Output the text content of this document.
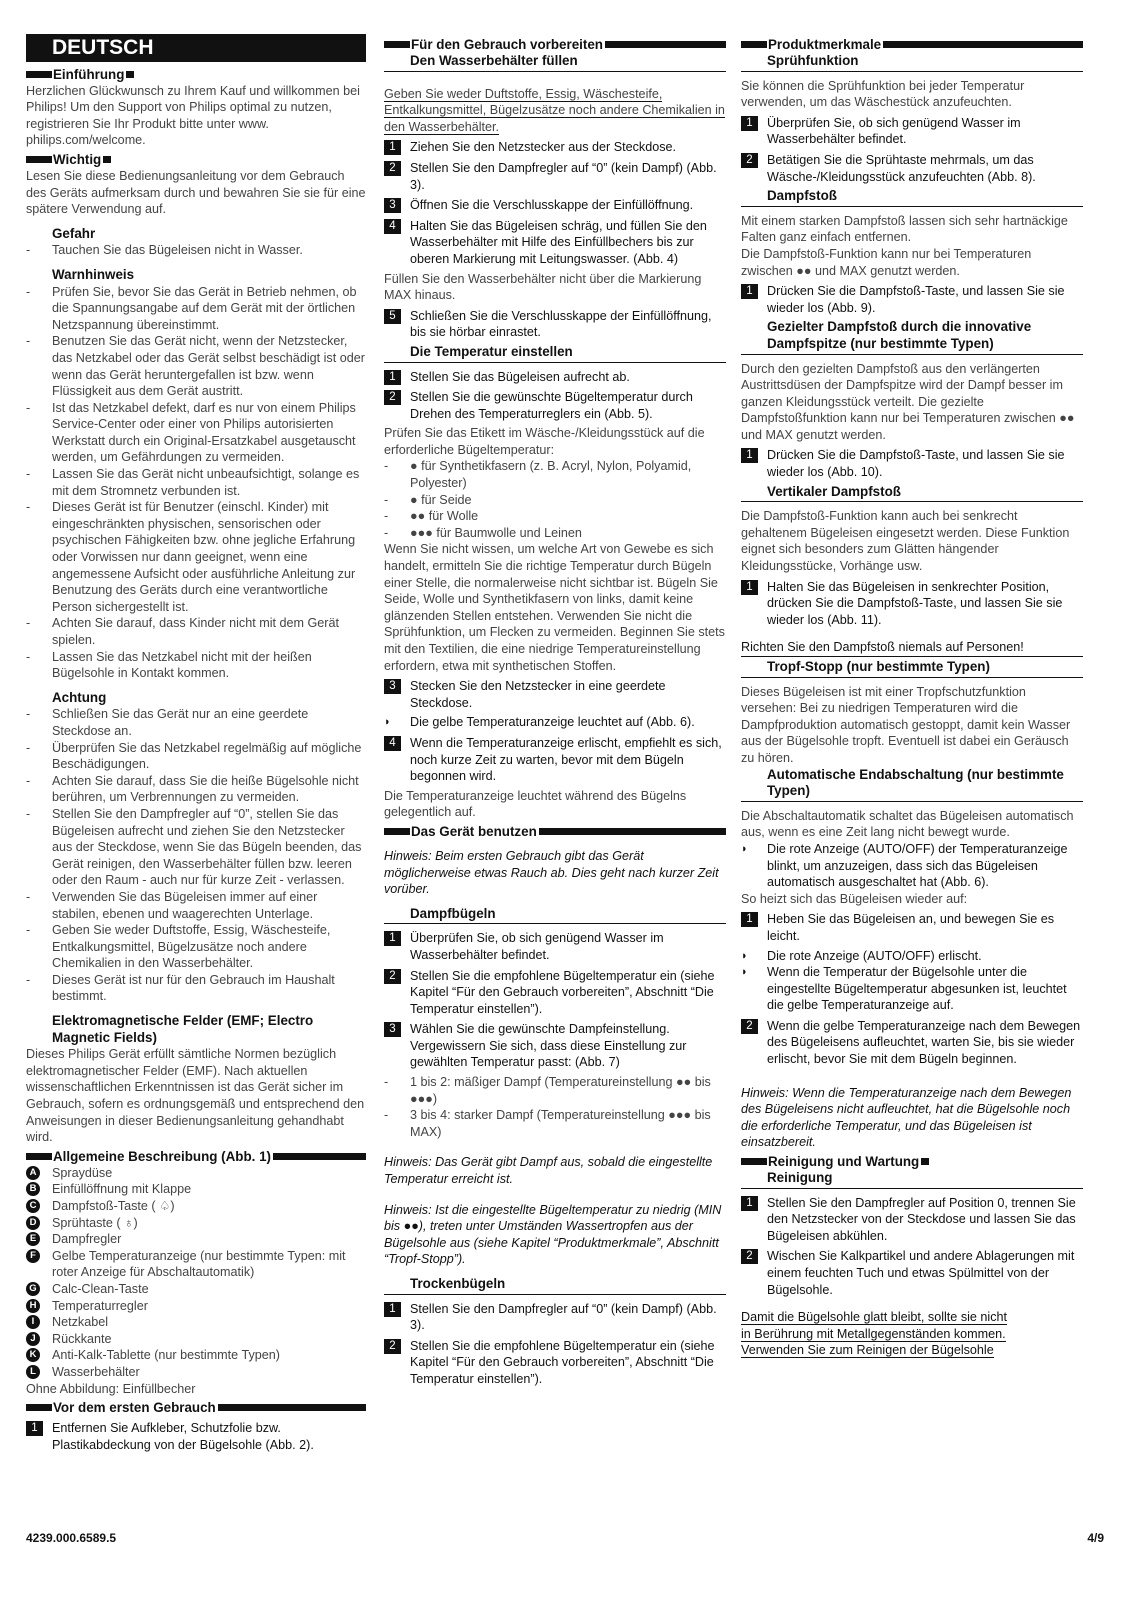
DEUTSCH
Einführung

Herzlichen Glückwunsch zu Ihrem Kauf und willkommen bei Philips! Um den Support von Philips optimal zu nutzen, registrieren Sie Ihr Produkt bitte unter www. philips.com/welcome.

Wichtig

Lesen Sie diese Bedienungsanleitung vor dem Gebrauch des Geräts aufmerksam durch und bewahren Sie sie für eine spätere Verwendung auf.

Gefahr

-	Tauchen Sie das Bügeleisen nicht in Wasser.

Warnhinweis

-	Prüfen Sie, bevor Sie das Gerät in Betrieb nehmen, ob die Spannungsangabe auf dem Gerät mit der örtlichen Netzspannung übereinstimmt.
-	Benutzen Sie das Gerät nicht, wenn der Netzstecker, das Netzkabel oder das Gerät selbst beschädigt ist oder wenn das Gerät heruntergefallen ist bzw. wenn Flüssigkeit aus dem Gerät austritt.
-	Ist das Netzkabel defekt, darf es nur von einem Philips Service-Center oder einer von Philips autorisierten Werkstatt durch ein Original-Ersatzkabel ausgetauscht werden, um Gefährdungen zu vermeiden.
-	Lassen Sie das Gerät nicht unbeaufsichtigt, solange es mit dem Stromnetz verbunden ist.
-	Dieses Gerät ist für Benutzer (einschl. Kinder) mit eingeschränkten physischen, sensorischen oder psychischen Fähigkeiten bzw. ohne jegliche Erfahrung oder Vorwissen nur dann geeignet, wenn eine angemessene Aufsicht oder ausführliche Anleitung zur Benutzung des Geräts durch eine verantwortliche Person sichergestellt ist.
-	Achten Sie darauf, dass Kinder nicht mit dem Gerät spielen.
-	Lassen Sie das Netzkabel nicht mit der heißen Bügelsohle in Kontakt kommen.

Achtung

-	Schließen Sie das Gerät nur an eine geerdete Steckdose an.
-	Überprüfen Sie das Netzkabel regelmäßig auf mögliche Beschädigungen.
-	Achten Sie darauf, dass Sie die heiße Bügelsohle nicht berühren, um Verbrennungen zu vermeiden.
-	Stellen Sie den Dampfregler auf “0”, stellen Sie das Bügeleisen aufrecht und ziehen Sie den Netzstecker aus der Steckdose, wenn Sie das Bügeln beenden, das Gerät reinigen, den Wasserbehälter füllen bzw. leeren oder den Raum - auch nur für kurze Zeit - verlassen.
-	Verwenden Sie das Bügeleisen immer auf einer stabilen, ebenen und waagerechten Unterlage.
-	Geben Sie weder Duftstoffe, Essig, Wäschesteife, Entkalkungsmittel, Bügelzusätze noch andere Chemikalien in den Wasserbehälter.
-	Dieses Gerät ist nur für den Gebrauch im Haushalt bestimmt.

Elektromagnetische Felder (EMF; Electro Magnetic Fields)

Dieses Philips Gerät erfüllt sämtliche Normen bezüglich elektromagnetischer Felder (EMF). Nach aktuellen wissenschaftlichen Erkenntnissen ist das Gerät sicher im Gebrauch, sofern es ordnungsgemäß und entsprechend den Anweisungen in dieser Bedienungsanleitung gehandhabt wird.

Allgemeine Beschreibung (Abb. 1)
A Spraydüse
B Einfüllöffnung mit Klappe
C Dampfstoß-Taste ( ♤)
D Sprühtaste ( ♁)
E	Dampfregler
F	Gelbe Temperaturanzeige (nur bestimmte Typen: mit roter Anzeige für Abschaltautomatik)
G Calc-Clean-Taste
H Temperaturregler
I	Netzkabel
J	Rückkante
K Anti-Kalk-Tablette (nur bestimmte Typen)
L	Wasserbehälter

Ohne Abbildung: Einfüllbecher

Vor dem ersten Gebrauch
1	Entfernen Sie Aufkleber, Schutzfolie bzw. Plastikabdeckung von der Bügelsohle (Abb. 2).
Für den Gebrauch vorbereiten

Den Wasserbehälter füllen

Geben Sie weder Duftstoffe, Essig, Wäschesteife, Entkalkungsmittel, Bügelzusätze noch andere Chemikalien in den Wasserbehälter.

1	Ziehen Sie den Netzstecker aus der Steckdose.
2	Stellen Sie den Dampfregler auf “0” (kein Dampf) (Abb. 3).
3	Öffnen Sie die Verschlusskappe der Einfüllöffnung.
4	Halten Sie das Bügeleisen schräg, und füllen Sie den Wasserbehälter mit Hilfe des Einfüllbechers bis zur oberen Markierung mit Leitungswasser. (Abb. 4)

Füllen Sie den Wasserbehälter nicht über die Markierung MAX hinaus.

5	Schließen Sie die Verschlusskappe der Einfüllöffnung, bis sie hörbar einrastet.

Die Temperatur einstellen

1	Stellen Sie das Bügeleisen aufrecht ab.
2	Stellen Sie die gewünschte Bügeltemperatur durch Drehen des Temperaturreglers ein (Abb. 5).

Prüfen Sie das Etikett im Wäsche-/Kleidungsstück auf die erforderliche Bügeltemperatur:

-	● für Synthetikfasern (z. B. Acryl, Nylon, Polyamid, Polyester)
-	● für Seide
-	●● für Wolle
-	●●● für Baumwolle und Leinen

Wenn Sie nicht wissen, um welche Art von Gewebe es sich handelt, ermitteln Sie die richtige Temperatur durch Bügeln einer Stelle, die normalerweise nicht sichtbar ist. Bügeln Sie Seide, Wolle und Synthetikfasern von links, damit keine glänzenden Stellen entstehen. Verwenden Sie nicht die Sprühfunktion, um Flecken zu vermeiden. Beginnen Sie stets mit den Textilien, die eine niedrige Temperatureinstellung erfordern, etwa mit synthetischen Stoffen.

3	Stecken Sie den Netzstecker in eine geerdete Steckdose.
◗	Die gelbe Temperaturanzeige leuchtet auf (Abb. 6).
4	Wenn die Temperaturanzeige erlischt, empfiehlt es sich, noch kurze Zeit zu warten, bevor mit dem Bügeln begonnen wird.

Die Temperaturanzeige leuchtet während des Bügelns gelegentlich auf.

Das Gerät benutzen

Hinweis: Beim ersten Gebrauch gibt das Gerät möglicherweise etwas Rauch ab. Dies geht nach kurzer Zeit vorüber.

Dampfbügeln

1	Überprüfen Sie, ob sich genügend Wasser im Wasserbehälter befindet.
2	Stellen Sie die empfohlene Bügeltemperatur ein (siehe Kapitel “Für den Gebrauch vorbereiten”, Abschnitt “Die Temperatur einstellen”).
3	Wählen Sie die gewünschte Dampfeinstellung. Vergewissern Sie sich, dass diese Einstellung zur gewählten Temperatur passt: (Abb. 7)
-	1 bis 2: mäßiger Dampf (Temperatureinstellung ●● bis ●●●)
-	3 bis 4: starker Dampf (Temperatureinstellung ●●● bis MAX)

Hinweis: Das Gerät gibt Dampf aus, sobald die eingestellte Temperatur erreicht ist.

Hinweis: Ist die eingestellte Bügeltemperatur zu niedrig (MIN bis ●●), treten unter Umständen Wassertropfen aus der Bügelsohle aus (siehe Kapitel “Produktmerkmale”, Abschnitt “Tropf-Stopp”).

Trockenbügeln

1	Stellen Sie den Dampfregler auf “0” (kein Dampf) (Abb. 3).
2	Stellen Sie die empfohlene Bügeltemperatur ein (siehe Kapitel “Für den Gebrauch vorbereiten”, Abschnitt “Die Temperatur einstellen”).
Produktmerkmale

Sprühfunktion

Sie können die Sprühfunktion bei jeder Temperatur verwenden, um das Wäschestück anzufeuchten.

1	Überprüfen Sie, ob sich genügend Wasser im Wasserbehälter befindet.
2	Betätigen Sie die Sprühtaste mehrmals, um das Wäsche-/Kleidungsstück anzufeuchten (Abb. 8).

Dampfstoß

Mit einem starken Dampfstoß lassen sich sehr hartnäckige Falten ganz einfach entfernen.

Die Dampfstoß-Funktion kann nur bei Temperaturen zwischen ●● und MAX genutzt werden.

1	Drücken Sie die Dampfstoß-Taste, und lassen Sie sie wieder los (Abb. 9).

Gezielter Dampfstoß durch die innovative Dampfspitze (nur bestimmte Typen)

Durch den gezielten Dampfstoß aus den verlängerten Austrittsdüsen der Dampfspitze wird der Dampf besser im ganzen Kleidungsstück verteilt. Die gezielte Dampfstoßfunktion kann nur bei Temperaturen zwischen ●● und MAX genutzt werden.

1	Drücken Sie die Dampfstoß-Taste, und lassen Sie sie wieder los (Abb. 10).

Vertikaler Dampfstoß

Die Dampfstoß-Funktion kann auch bei senkrecht gehaltenem Bügeleisen eingesetzt werden. Diese Funktion eignet sich besonders zum Glätten hängender Kleidungsstücke, Vorhänge usw.

1	Halten Sie das Bügeleisen in senkrechter Position, drücken Sie die Dampfstoß-Taste, und lassen Sie sie wieder los (Abb. 11).

Richten Sie den Dampfstoß niemals auf Personen!

Tropf-Stopp (nur bestimmte Typen)

Dieses Bügeleisen ist mit einer Tropfschutzfunktion versehen: Bei zu niedrigen Temperaturen wird die Dampfproduktion automatisch gestoppt, damit kein Wasser aus der Bügelsohle tropft. Eventuell ist dabei ein Geräusch zu hören.

Automatische Endabschaltung (nur bestimmte Typen)

Die Abschaltautomatik schaltet das Bügeleisen automatisch aus, wenn es eine Zeit lang nicht bewegt wurde.

◗	Die rote Anzeige (AUTO/OFF) der Temperaturanzeige blinkt, um anzuzeigen, dass sich das Bügeleisen automatisch ausgeschaltet hat (Abb. 6).

So heizt sich das Bügeleisen wieder auf:

1	Heben Sie das Bügeleisen an, und bewegen Sie es leicht.
◗	Die rote Anzeige (AUTO/OFF) erlischt.
◗	Wenn die Temperatur der Bügelsohle unter die eingestellte Bügeltemperatur abgesunken ist, leuchtet die gelbe Temperaturanzeige auf.
2	Wenn die gelbe Temperaturanzeige nach dem Bewegen des Bügeleisens aufleuchtet, warten Sie, bis sie wieder erlischt, bevor Sie mit dem Bügeln beginnen.

Hinweis: Wenn die Temperaturanzeige nach dem Bewegen des Bügeleisens nicht aufleuchtet, hat die Bügelsohle noch die erforderliche Temperatur, und das Bügeleisen ist einsatzbereit.

Reinigung und Wartung

Reinigung

1	Stellen Sie den Dampfregler auf Position 0, trennen Sie den Netzstecker von der Steckdose und lassen Sie das Bügeleisen abkühlen.
2	Wischen Sie Kalkpartikel und andere Ablagerungen mit einem feuchten Tuch und etwas Spülmittel von der Bügelsohle.
Damit die Bügelsohle glatt bleibt, sollte sie nicht
in Berührung mit Metallgegenständen kommen.
Verwenden Sie zum Reinigen der Bügelsohle
4239.000.6589.5	4/9
